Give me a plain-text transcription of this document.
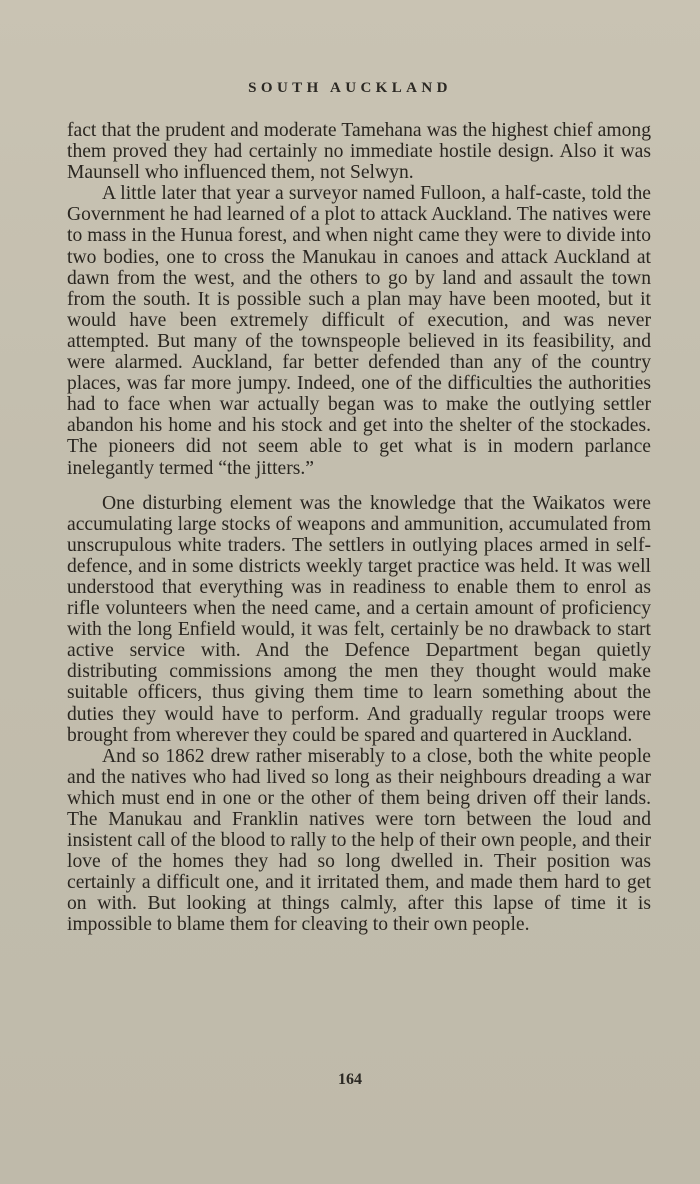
SOUTH AUCKLAND

fact that the prudent and moderate Tamehana was the highest chief among them proved they had certainly no immediate hostile design. Also it was Maunsell who influenced them, not Selwyn.

A little later that year a surveyor named Fulloon, a half-caste, told the Government he had learned of a plot to attack Auckland. The natives were to mass in the Hunua forest, and when night came they were to divide into two bodies, one to cross the Manukau in canoes and attack Auckland at dawn from the west, and the others to go by land and assault the town from the south. It is possible such a plan may have been mooted, but it would have been extremely difficult of execution, and was never attempted. But many of the townspeople believed in its feasibility, and were alarmed. Auckland, far better defended than any of the country places, was far more jumpy. Indeed, one of the difficulties the authorities had to face when war actually began was to make the outlying settler abandon his home and his stock and get into the shelter of the stockades. The pioneers did not seem able to get what is in modern parlance inelegantly termed “the jitters.”

One disturbing element was the knowledge that the Waikatos were accumulating large stocks of weapons and ammunition, accumulated from unscrupulous white traders. The settlers in outlying places armed in self-defence, and in some districts weekly target practice was held. It was well understood that everything was in readiness to enable them to enrol as rifle volunteers when the need came, and a certain amount of proficiency with the long Enfield would, it was felt, certainly be no drawback to start active service with. And the Defence Department began quietly distributing commissions among the men they thought would make suitable officers, thus giving them time to learn something about the duties they would have to perform. And gradually regular troops were brought from wherever they could be spared and quartered in Auckland.

And so 1862 drew rather miserably to a close, both the white people and the natives who had lived so long as their neighbours dreading a war which must end in one or the other of them being driven off their lands. The Manukau and Franklin natives were torn between the loud and insistent call of the blood to rally to the help of their own people, and their love of the homes they had so long dwelled in. Their position was certainly a difficult one, and it irritated them, and made them hard to get on with. But looking at things calmly, after this lapse of time it is impossible to blame them for cleaving to their own people.

164
